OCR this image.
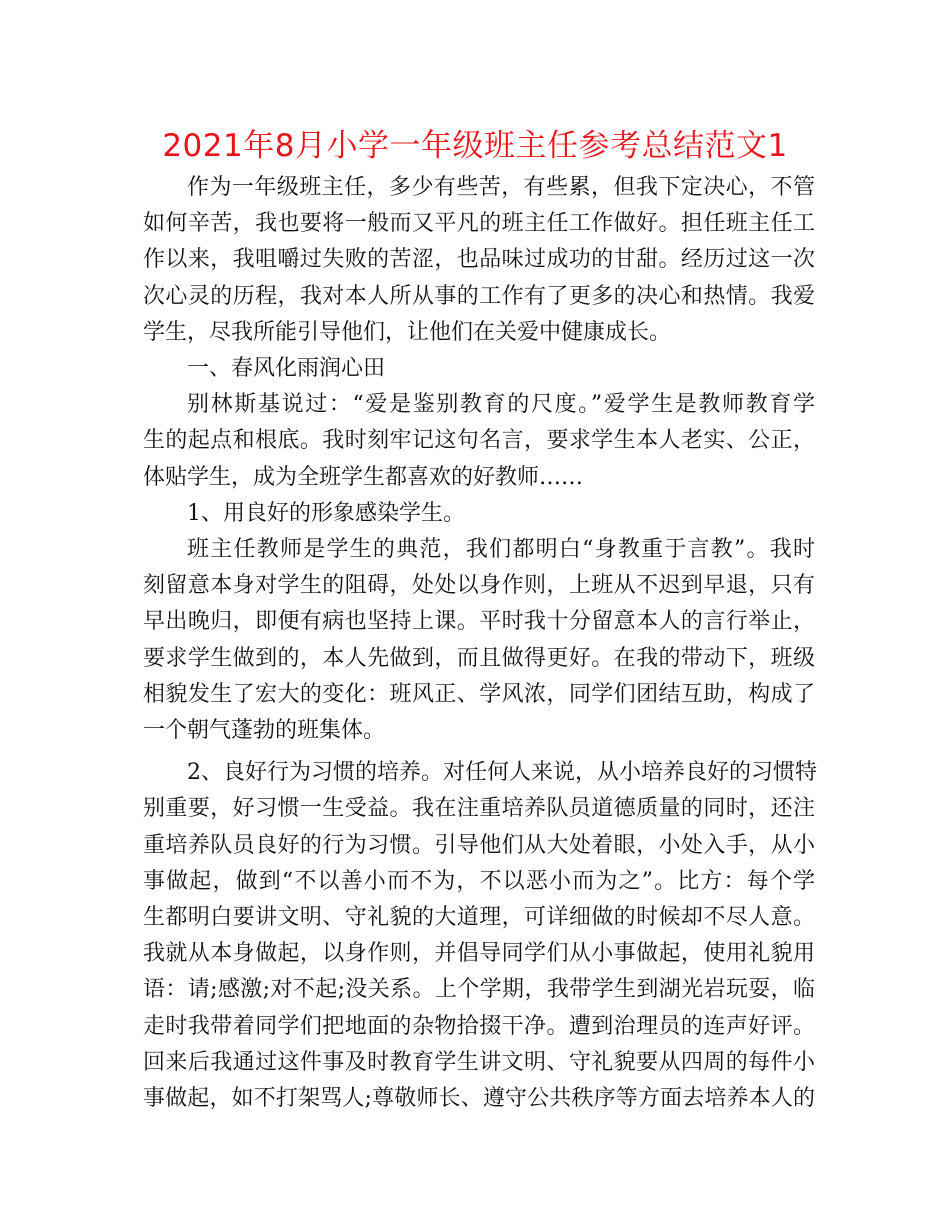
2021年8月小学一年级班主任参考总结范文1

作为一年级班主任，多少有些苦，有些累，但我下定决心，不管
如何辛苦，我也要将一般而又平凡的班主任工作做好。担任班主任工
作以来，我咀嚼过失败的苦涩，也品味过成功的甘甜。经历过这一次
次心灵的历程，我对本人所从事的工作有了更多的决心和热情。我爱
学生，尽我所能引导他们，让他们在关爱中健康成长。

一、春风化雨润心田

别林斯基说过：“爱是鉴别教育的尺度。”爱学生是教师教育学
生的起点和根底。我时刻牢记这句名言，要求学生本人老实、公正，
体贴学生，成为全班学生都喜欢的好教师……

1、用良好的形象感染学生。

班主任教师是学生的典范，我们都明白“身教重于言教”。我时
刻留意本身对学生的阻碍，处处以身作则，上班从不迟到早退，只有
早出晚归，即便有病也坚持上课。平时我十分留意本人的言行举止，
要求学生做到的，本人先做到，而且做得更好。在我的带动下，班级
相貌发生了宏大的变化：班风正、学风浓，同学们团结互助，构成了
一个朝气蓬勃的班集体。

2、良好行为习惯的培养。对任何人来说，从小培养良好的习惯特
别重要，好习惯一生受益。我在注重培养队员道德质量的同时，还注
重培养队员良好的行为习惯。引导他们从大处着眼，小处入手，从小
事做起，做到“不以善小而不为，不以恶小而为之”。比方：每个学
生都明白要讲文明、守礼貌的大道理，可详细做的时候却不尽人意。
我就从本身做起，以身作则，并倡导同学们从小事做起，使用礼貌用
语：请;感激;对不起;没关系。上个学期，我带学生到湖光岩玩耍，临
走时我带着同学们把地面的杂物拾掇干净。遭到治理员的连声好评。
回来后我通过这件事及时教育学生讲文明、守礼貌要从四周的每件小
事做起，如不打架骂人;尊敬师长、遵守公共秩序等方面去培养本人的
